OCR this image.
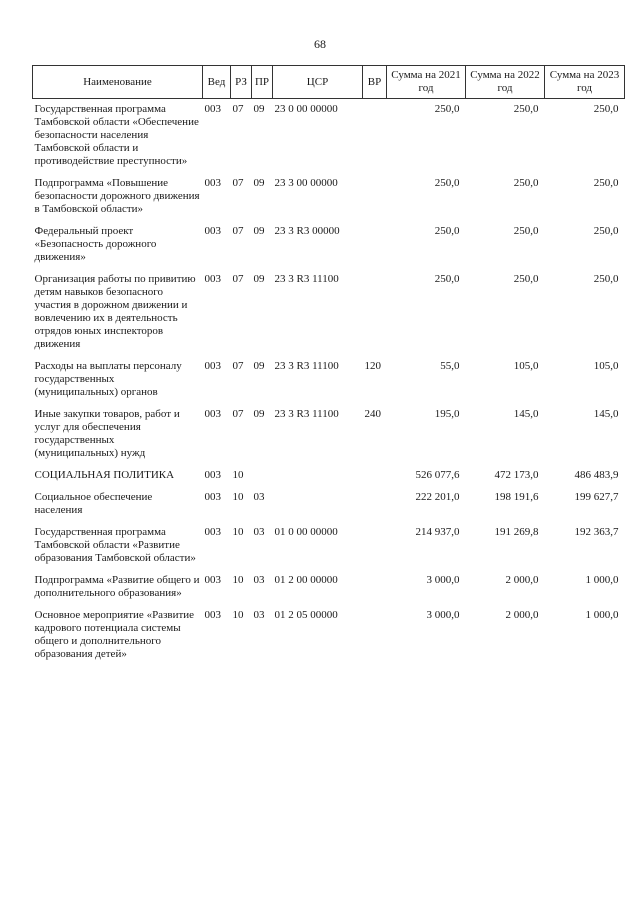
68
Наименование	Вед	РЗ	ПР	ЦСР	ВР	Сумма на 2021 год	Сумма на 2022 год	Сумма на 2023 год
Государственная программа Тамбовской области «Обеспечение безопасности населения Тамбовской области и противодействие преступности»	003	07	09	23 0 00 00000		250,0	250,0	250,0
Подпрограмма «Повышение безопасности дорожного движения в Тамбовской области»	003	07	09	23 3 00 00000		250,0	250,0	250,0
Федеральный проект «Безопасность дорожного движения»	003	07	09	23 3 R3 00000		250,0	250,0	250,0
Организация работы по привитию детям навыков безопасного участия в дорожном движении и вовлечению их в деятельность отрядов юных инспекторов движения	003	07	09	23 3 R3 11100		250,0	250,0	250,0
Расходы на выплаты персоналу государственных (муниципальных) органов	003	07	09	23 3 R3 11100	120	55,0	105,0	105,0
Иные закупки товаров, работ и услуг для обеспечения государственных (муниципальных) нужд	003	07	09	23 3 R3 11100	240	195,0	145,0	145,0
СОЦИАЛЬНАЯ ПОЛИТИКА	003	10				526 077,6	472 173,0	486 483,9
Социальное обеспечение населения	003	10	03			222 201,0	198 191,6	199 627,7
Государственная программа Тамбовской области «Развитие образования Тамбовской области»	003	10	03	01 0 00 00000		214 937,0	191 269,8	192 363,7
Подпрограмма «Развитие общего и дополнительного образования»	003	10	03	01 2 00 00000		3 000,0	2 000,0	1 000,0
Основное мероприятие «Развитие кадрового потенциала системы общего и дополнительного образования детей»	003	10	03	01 2 05 00000		3 000,0	2 000,0	1 000,0
